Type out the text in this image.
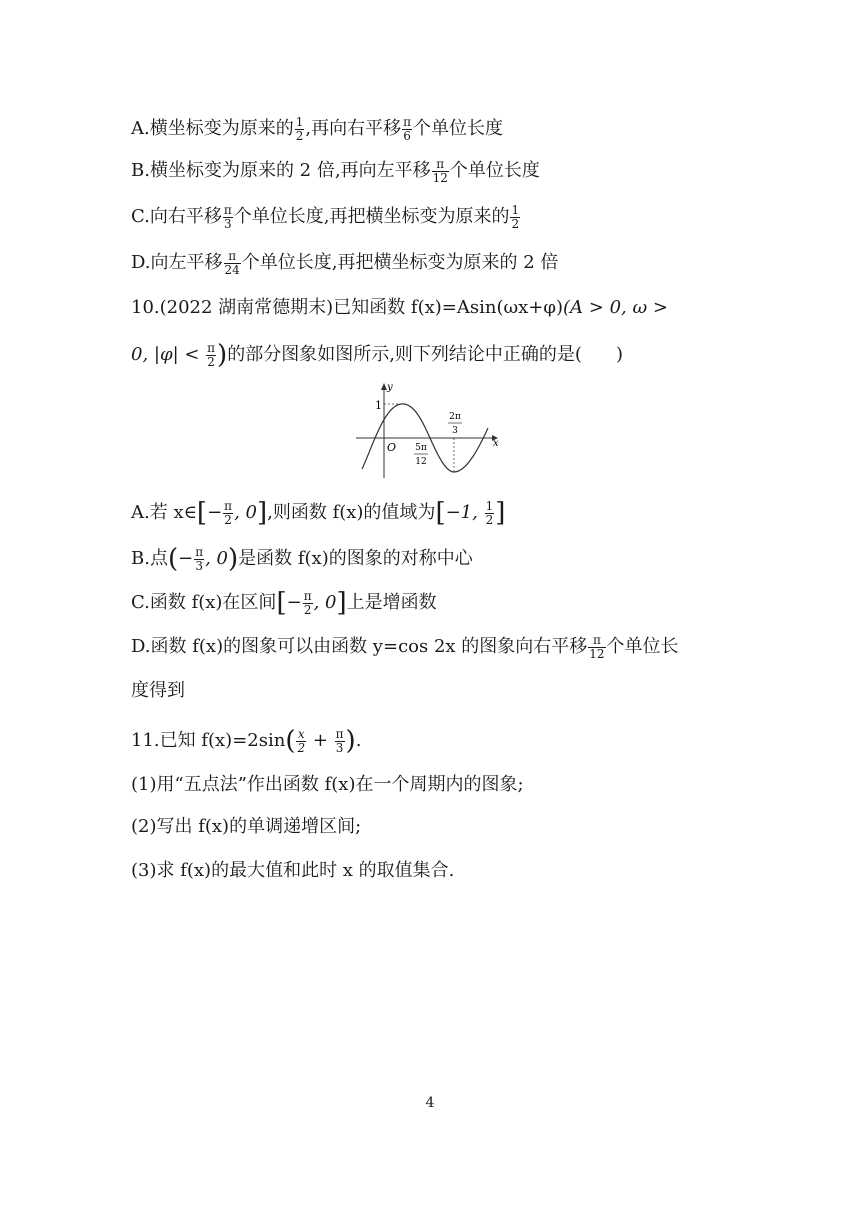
A.横坐标变为原来的 $\frac{1}{2}$ ,再向右平移 $\frac{\pi}{6}$ 个单位长度
B.横坐标变为原来的 2 倍,再向左平移 $\frac{\pi}{12}$ 个单位长度
C.向右平移 $\frac{\pi}{3}$ 个单位长度,再把横坐标变为原来的 $\frac{1}{2}$
D.向左平移 $\frac{\pi}{24}$ 个单位长度,再把横坐标变为原来的 2 倍
10.(2022 湖南常德期末)已知函数 f(x)=Asin(ωx+φ)(A > 0, ω >
0, $|\varphi| < \frac{\pi}{2}$ )的部分图象如图所示,则下列结论中正确的是( )
y
x
1
O 5π
12
2π
3
A.若 x∈[− $\frac{\pi}{2}$ , 0],则函数 f(x)的值域为[−1, $\frac{1}{2}$ ]
B.点(− $\frac{\pi}{3}$ , 0)是函数 f(x)的图象的对称中心
C.函数 f(x)在区间[− $\frac{\pi}{2}$ , 0]上是增函数
D.函数 f(x)的图象可以由函数 y=cos 2x 的图象向右平移 $\frac{\pi}{12}$ 个单位长
度得到
11.已知 $f(x)=2\sin( \frac{x}{2} + \frac{\pi}{3}$ ).
(1)用“五点法”作出函数 f(x)在一个周期内的图象;
(2)写出 f(x)的单调递增区间;
(3)求 f(x)的最大值和此时 x 的取值集合.
4
